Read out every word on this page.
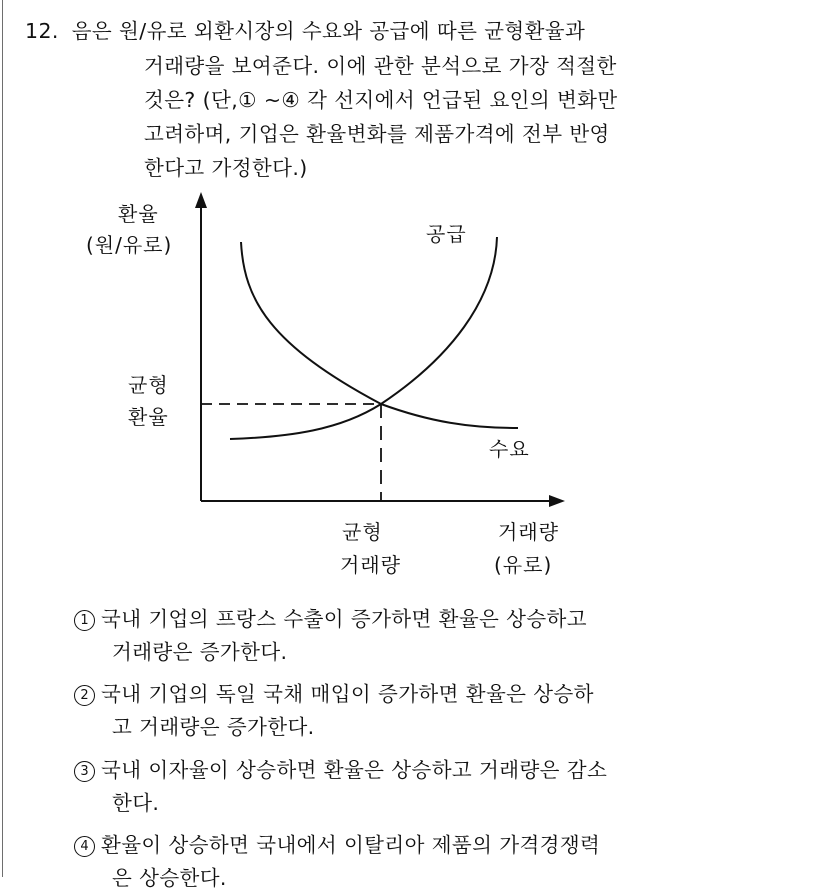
12. 음은 원/유로 외환시장의 수요와 공급에 따른 균형환율과
거래량을 보여준다. 이에 관한 분석으로 가장 적절한
것은? (단,① ~④ 각 선지에서 언급된 요인의 변화만
고려하며, 기업은 환율변화를 제품가격에 전부 반영
한다고 가정한다.)
환율
(원/유로)	공급
수요
균형
환율
균형
거래량
거래량
(유로)
1 국내 기업의 프랑스 수출이 증가하면 환율은 상승하고
거래량은 증가한다.
2 국내 기업의 독일 국채 매입이 증가하면 환율은 상승하
고 거래량은 증가한다.
3 국내 이자율이 상승하면 환율은 상승하고 거래량은 감소
한다.
4 환율이 상승하면 국내에서 이탈리아 제품의 가격경쟁력
은 상승한다.
